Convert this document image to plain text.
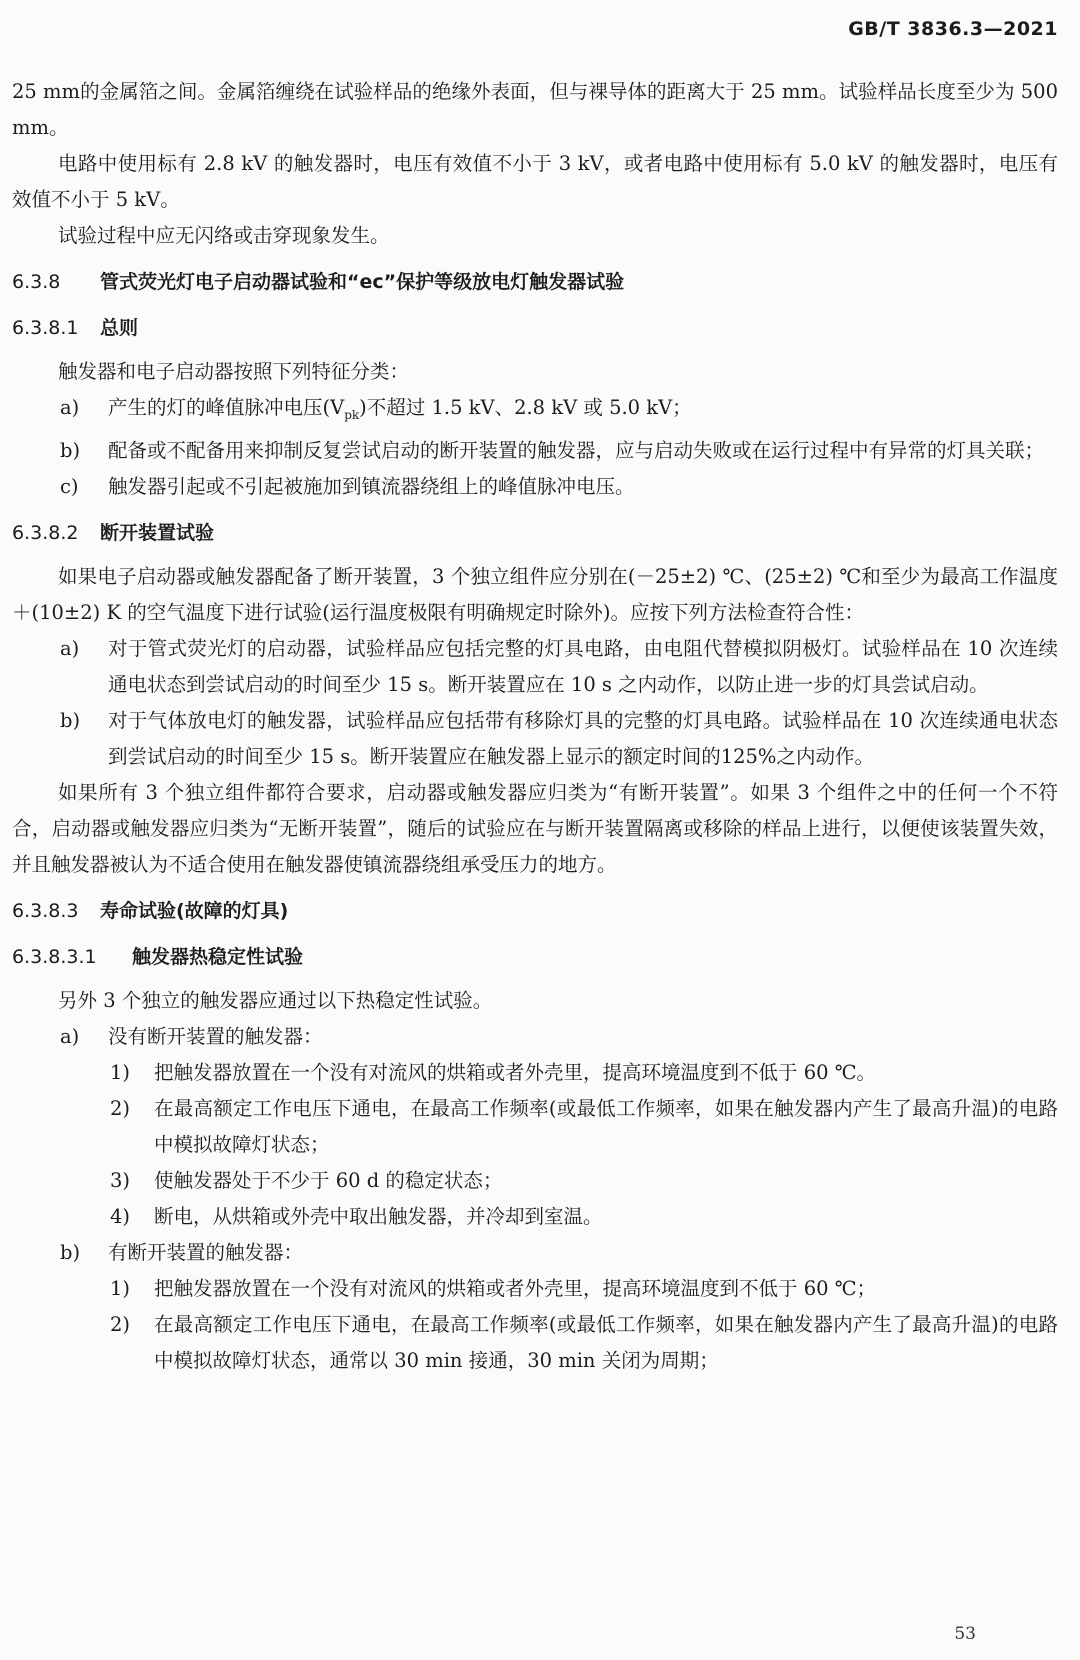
GB/T 3836.3—2021

25 mm的金属箔之间。金属箔缠绕在试验样品的绝缘外表面，但与裸导体的距离大于 25 mm。试验样品长度至少为 500 mm。

电路中使用标有 2.8 kV 的触发器时，电压有效值不小于 3 kV，或者电路中使用标有 5.0 kV 的触发器时，电压有效值不小于 5 kV。

试验过程中应无闪络或击穿现象发生。

6.3.8 管式荧光灯电子启动器试验和“ec”保护等级放电灯触发器试验
6.3.8.1 总则

触发器和电子启动器按照下列特征分类：

a) 产生的灯的峰值脉冲电压$(V_{pk})$不超过 1.5 kV、2.8 kV 或 5.0 kV；
b) 配备或不配备用来抑制反复尝试启动的断开装置的触发器，应与启动失败或在运行过程中有异常的灯具关联；
c) 触发器引起或不引起被施加到镇流器绕组上的峰值脉冲电压。
6.3.8.2 断开装置试验

如果电子启动器或触发器配备了断开装置，3 个独立组件应分别在(－25±2) ℃、(25±2) ℃和至少为最高工作温度＋(10±2) K 的空气温度下进行试验(运行温度极限有明确规定时除外)。应按下列方法检查符合性：

a) 对于管式荧光灯的启动器，试验样品应包括完整的灯具电路，由电阻代替模拟阴极灯。试验样品在 10 次连续通电状态到尝试启动的时间至少 15 s。断开装置应在 10 s 之内动作，以防止进一步的灯具尝试启动。
b) 对于气体放电灯的触发器，试验样品应包括带有移除灯具的完整的灯具电路。试验样品在 10 次连续通电状态到尝试启动的时间至少 15 s。断开装置应在触发器上显示的额定时间的125%之内动作。

如果所有 3 个独立组件都符合要求，启动器或触发器应归类为“有断开装置”。如果 3 个组件之中的任何一个不符合，启动器或触发器应归类为“无断开装置”，随后的试验应在与断开装置隔离或移除的样品上进行，以便使该装置失效，并且触发器被认为不适合使用在触发器使镇流器绕组承受压力的地方。

6.3.8.3 寿命试验(故障的灯具)
6.3.8.3.1 触发器热稳定性试验

另外 3 个独立的触发器应通过以下热稳定性试验。

a) 没有断开装置的触发器：
1) 把触发器放置在一个没有对流风的烘箱或者外壳里，提高环境温度到不低于 60 ℃。
2) 在最高额定工作电压下通电，在最高工作频率(或最低工作频率，如果在触发器内产生了最高升温)的电路中模拟故障灯状态；
3) 使触发器处于不少于 60 d 的稳定状态；
4) 断电，从烘箱或外壳中取出触发器，并冷却到室温。
b) 有断开装置的触发器：
1) 把触发器放置在一个没有对流风的烘箱或者外壳里，提高环境温度到不低于 60 ℃；
2) 在最高额定工作电压下通电，在最高工作频率(或最低工作频率，如果在触发器内产生了最高升温)的电路中模拟故障灯状态，通常以 30 min 接通，30 min 关闭为周期；
53
